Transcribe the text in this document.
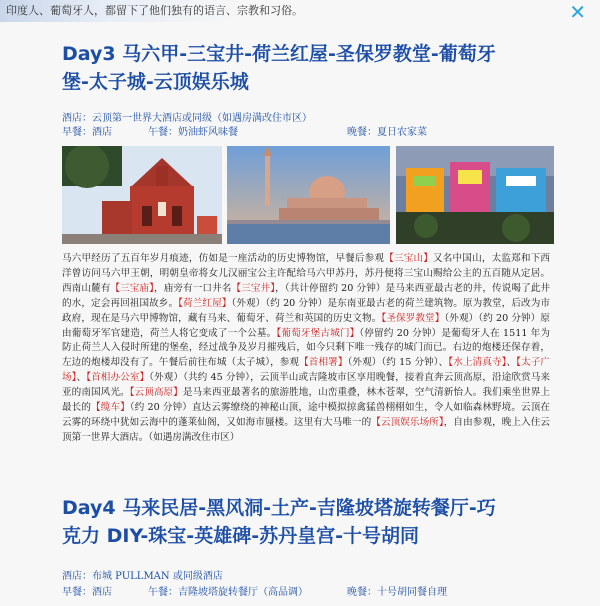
印度人、葡萄牙人，都留下了他们独有的语言、宗教和习俗。	✕
Day3 马六甲-三宝井-荷兰红屋-圣保罗教堂-葡萄牙
堡-太子城-云顶娱乐城
酒店：云顶第一世界大酒店或同级（如遇房满改住市区）
早餐：酒店	午餐：奶油虾风味餐	晚餐：夏日农家菜
马六甲经历了五百年岁月痕迹，仿如是一座活动的历史博物馆，早餐后参观【三宝山】又名中国山，太监郑和下西洋曾访问马六甲王朝，明朝皇帝将女儿汉丽宝公主许配给马六甲苏丹，苏丹便将三宝山赐给公主的五百随从定居。西南山麓有【三宝庙】，庙旁有一口井名【三宝井】，（共计停留约 20 分钟）是马来西亚最古老的井，传说喝了此井的水，定会再回祖国故乡。【荷兰红屋】（外观）（约 20 分钟）是东南亚最古老的荷兰建筑物。原为教堂，后改为市政府，现在是马六甲博物馆，藏有马来、葡萄牙、荷兰和英国的历史文物。【圣保罗教堂】（外观）（约 20 分钟）原由葡萄牙军官建造，荷兰人将它变成了一个公墓。【葡萄牙堡古城门】（停留约 20 分钟）是葡萄牙人在 1511 年为防止荷兰人入侵时所建的堡垒，经过战争及岁月摧残后，如今只剩下唯一残存的城门而已。右边的炮楼还保存着，左边的炮楼却没有了。午餐后前往布城（太子城），参观【首相署】（外观）（约 15 分钟）、【水上清真寺】、【太子广场】、【首相办公室】（外观）（共约 45 分钟），云顶半山或吉隆坡市区享用晚餐，接着直奔云顶高原，沿途欣赏马来亚的南国风光。【云顶高原】是马来西亚最著名的旅游胜地，山峦重叠，林木苍翠，空气清新怡人。我们乘坐世界上最长的【缆车】（约 20 分钟）直达云雾缭绕的神秘山顶，途中模拟掠禽猛兽栩栩如生，令人如临森林野境。云顶在云雾的环绕中犹如云海中的蓬莱仙阁，又如海市蜃楼。这里有大马唯一的【云顶娱乐场所】，自由参观，晚上入住云顶第一世界大酒店。（如遇房满改住市区）
Day4 马来民居-黑风洞-土产-吉隆坡塔旋转餐厅-巧
克力 DIY-珠宝-英雄碑-苏丹皇宫-十号胡同
酒店：布城 PULLMAN 或同级酒店
早餐：酒店	午餐：吉隆坡塔旋转餐厅（高品调）	晚餐：十号胡同餐自理
